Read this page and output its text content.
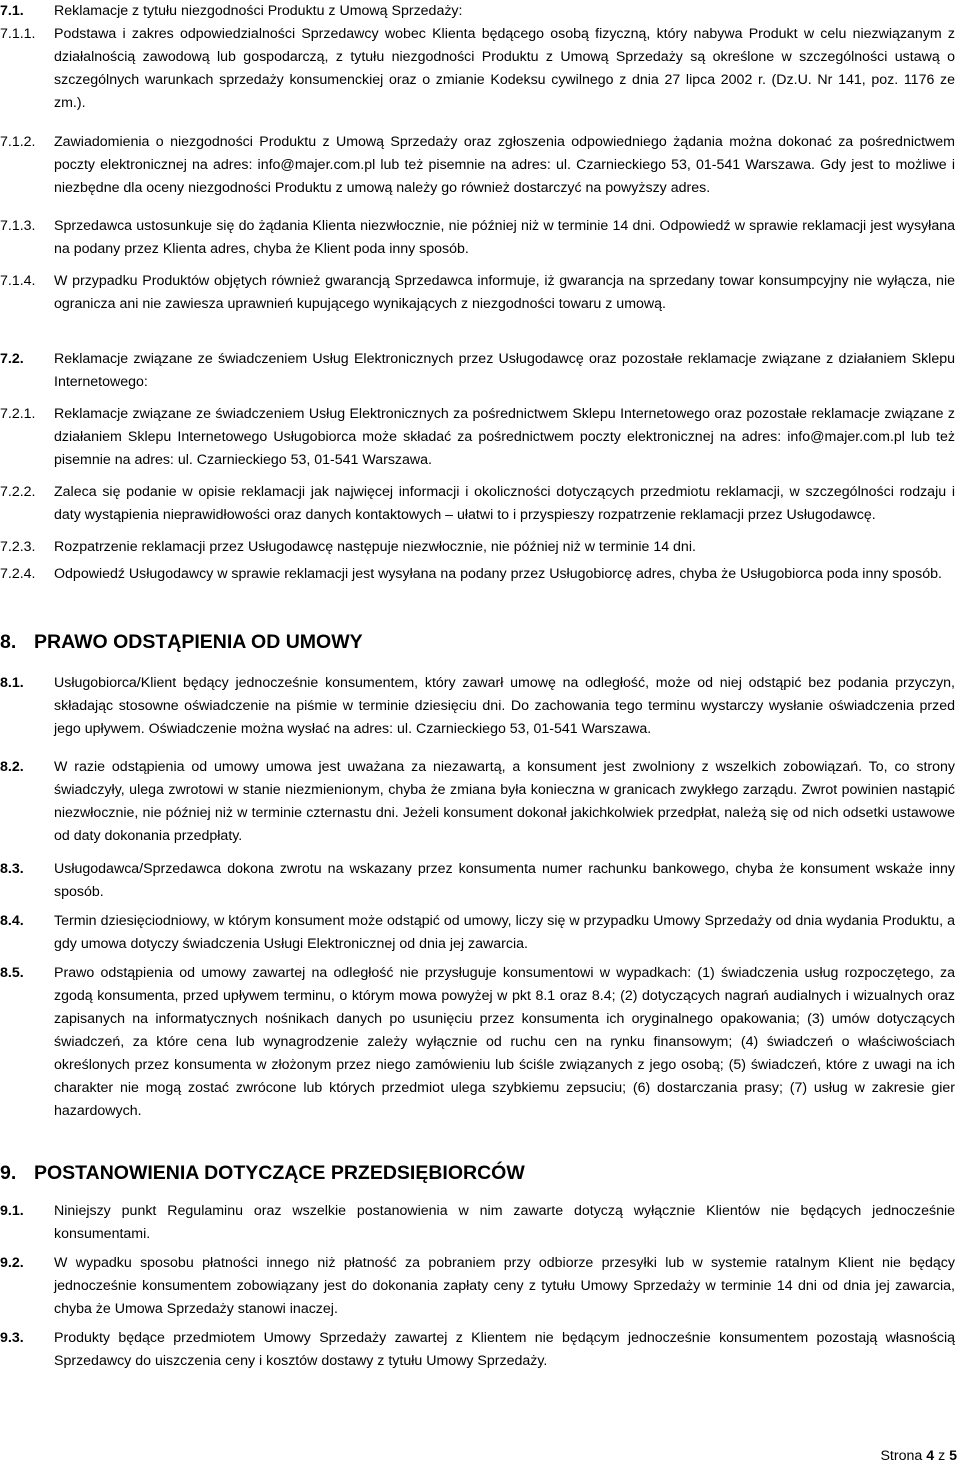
7.1.	Reklamacje z tytułu niezgodności Produktu z Umową Sprzedaży:
7.1.1.	Podstawa i zakres odpowiedzialności Sprzedawcy wobec Klienta będącego osobą fizyczną, który nabywa Produkt w celu niezwiązanym z działalnością zawodową lub gospodarczą, z tytułu niezgodności Produktu z Umową Sprzedaży są określone w szczególności ustawą o szczególnych warunkach sprzedaży konsumenckiej oraz o zmianie Kodeksu cywilnego z dnia 27 lipca 2002 r. (Dz.U. Nr 141, poz. 1176 ze zm.).
7.1.2.	Zawiadomienia o niezgodności Produktu z Umową Sprzedaży oraz zgłoszenia odpowiedniego żądania można dokonać za pośrednictwem poczty elektronicznej na adres: info@majer.com.pl lub też pisemnie na adres: ul. Czarnieckiego 53, 01-541 Warszawa. Gdy jest to możliwe i niezbędne dla oceny niezgodności Produktu z umową należy go również dostarczyć na powyższy adres.
7.1.3.	Sprzedawca ustosunkuje się do żądania Klienta niezwłocznie, nie później niż w terminie 14 dni. Odpowiedź w sprawie reklamacji jest wysyłana na podany przez Klienta adres, chyba że Klient poda inny sposób.
7.1.4.	W przypadku Produktów objętych również gwarancją Sprzedawca informuje, iż gwarancja na sprzedany towar konsumpcyjny nie wyłącza, nie ogranicza ani nie zawiesza uprawnień kupującego wynikających z niezgodności towaru z umową.
7.2.	Reklamacje związane ze świadczeniem Usług Elektronicznych przez Usługodawcę oraz pozostałe reklamacje związane z działaniem Sklepu Internetowego:
7.2.1.	Reklamacje związane ze świadczeniem Usług Elektronicznych za pośrednictwem Sklepu Internetowego oraz pozostałe reklamacje związane z działaniem Sklepu Internetowego Usługobiorca może składać za pośrednictwem poczty elektronicznej na adres: info@majer.com.pl lub też pisemnie na adres: ul. Czarnieckiego 53, 01-541 Warszawa.
7.2.2.	Zaleca się podanie w opisie reklamacji jak najwięcej informacji i okoliczności dotyczących przedmiotu reklamacji, w szczególności rodzaju i daty wystąpienia nieprawidłowości oraz danych kontaktowych – ułatwi to i przyspieszy rozpatrzenie reklamacji przez Usługodawcę.
7.2.3.	Rozpatrzenie reklamacji przez Usługodawcę następuje niezwłocznie, nie później niż w terminie 14 dni.
7.2.4.	Odpowiedź Usługodawcy w sprawie reklamacji jest wysyłana na podany przez Usługobiorcę adres, chyba że Usługobiorca poda inny sposób.
8.1.	Usługobiorca/Klient będący jednocześnie konsumentem, który zawarł umowę na odległość, może od niej odstąpić bez podania przyczyn, składając stosowne oświadczenie na piśmie w terminie dziesięciu dni. Do zachowania tego terminu wystarczy wysłanie oświadczenia przed jego upływem. Oświadczenie można wysłać na adres: ul. Czarnieckiego 53, 01-541 Warszawa.
8.2.	W razie odstąpienia od umowy umowa jest uważana za niezawartą, a konsument jest zwolniony z wszelkich zobowiązań. To, co strony świadczyły, ulega zwrotowi w stanie niezmienionym, chyba że zmiana była konieczna w granicach zwykłego zarządu. Zwrot powinien nastąpić niezwłocznie, nie później niż w terminie czternastu dni. Jeżeli konsument dokonał jakichkolwiek przedpłat, należą się od nich odsetki ustawowe od daty dokonania przedpłaty.
8.3.	Usługodawca/Sprzedawca dokona zwrotu na wskazany przez konsumenta numer rachunku bankowego, chyba że konsument wskaże inny sposób.
8.4.	Termin dziesięciodniowy, w którym konsument może odstąpić od umowy, liczy się w przypadku Umowy Sprzedaży od dnia wydania Produktu, a gdy umowa dotyczy świadczenia Usługi Elektronicznej od dnia jej zawarcia.
8.5.	Prawo odstąpienia od umowy zawartej na odległość nie przysługuje konsumentowi w wypadkach: (1) świadczenia usług rozpoczętego, za zgodą konsumenta, przed upływem terminu, o którym mowa powyżej w pkt 8.1 oraz 8.4; (2) dotyczących nagrań audialnych i wizualnych oraz zapisanych na informatycznych nośnikach danych po usunięciu przez konsumenta ich oryginalnego opakowania; (3) umów dotyczących świadczeń, za które cena lub wynagrodzenie zależy wyłącznie od ruchu cen na rynku finansowym; (4) świadczeń o właściwościach określonych przez konsumenta w złożonym przez niego zamówieniu lub ściśle związanych z jego osobą; (5) świadczeń, które z uwagi na ich charakter nie mogą zostać zwrócone lub których przedmiot ulega szybkiemu zepsuciu; (6) dostarczania prasy; (7) usług w zakresie gier hazardowych.
9.1.	Niniejszy punkt Regulaminu oraz wszelkie postanowienia w nim zawarte dotyczą wyłącznie Klientów nie będących jednocześnie konsumentami.
9.2.	W wypadku sposobu płatności innego niż płatność za pobraniem przy odbiorze przesyłki lub w systemie ratalnym Klient nie będący jednocześnie konsumentem zobowiązany jest do dokonania zapłaty ceny z tytułu Umowy Sprzedaży w terminie 14 dni od dnia jej zawarcia, chyba że Umowa Sprzedaży stanowi inaczej.
9.3.	Produkty będące przedmiotem Umowy Sprzedaży zawartej z Klientem nie będącym jednocześnie konsumentem pozostają własnością Sprzedawcy do uiszczenia ceny i kosztów dostawy z tytułu Umowy Sprzedaży.
8. PRAWO ODSTĄPIENIA OD UMOWY
9. POSTANOWIENIA DOTYCZĄCE PRZEDSIĘBIORCÓW
Strona 4 z 5
